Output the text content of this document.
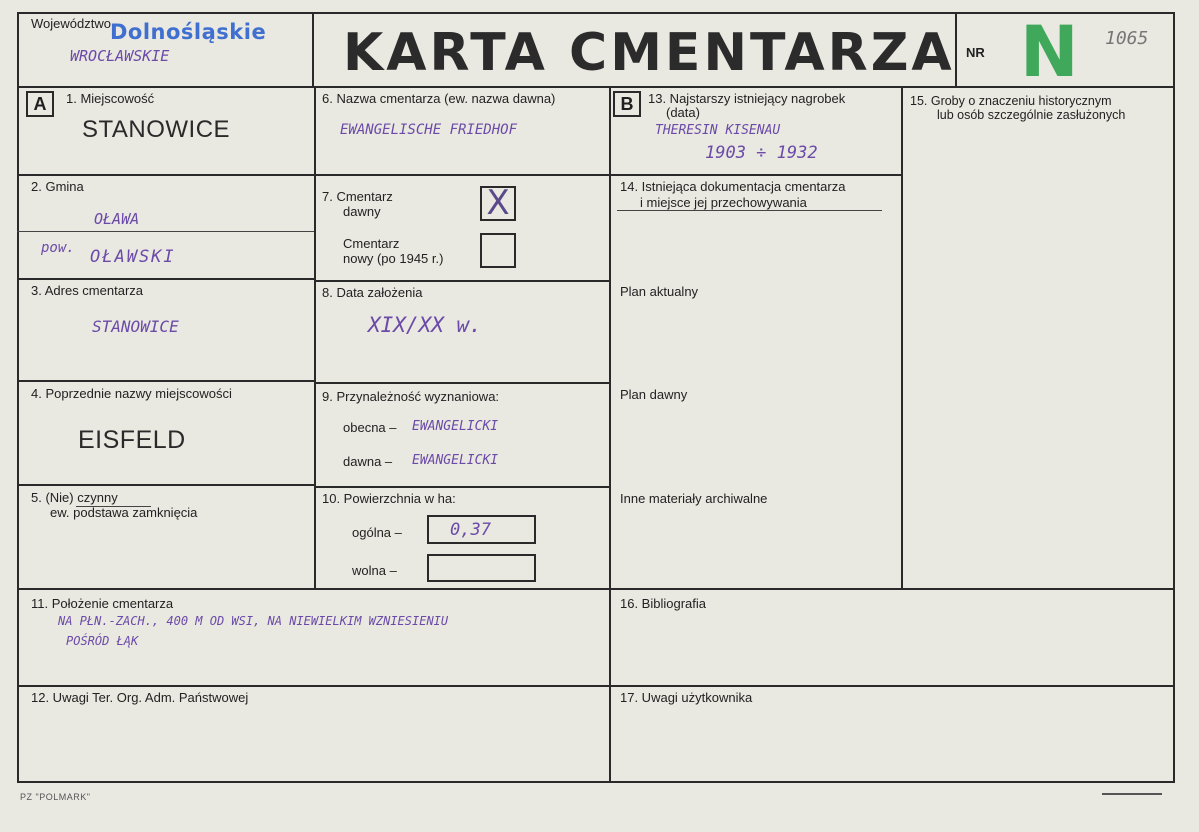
Województwo Dolnośląskie
WROCŁAWSKIE	KARTA CMENTARZA NR N 1065
A	1. Miejscowość
STANOWICE
2. Gmina
OŁAWA
pow. OŁAWSKI
3. Adres cmentarza
STANOWICE
4. Poprzednie nazwy miejscowości
EISFELD
5. (Nie) czynny
ew. podstawa zamknięcia
6. Nazwa cmentarza (ew. nazwa dawna)
EWANGELISCHE FRIEDHOF
7. Cmentarz
dawny	X
Cmentarz
nowy (po 1945 r.)
8. Data założenia
XIX/XX w.
9. Przynależność wyznaniowa:
obecna – EWANGELICKI
dawna – EWANGELICKI
10. Powierzchnia w ha:
ogólna –	0,37
wolna –
B	13. Najstarszy istniejący nagrobek
(data)
THERESIN KISENAU
1903 ÷ 1932
14. Istniejąca dokumentacja cmentarza
i miejsce jej przechowywania
Plan aktualny
Plan dawny
Inne materiały archiwalne
15. Groby o znaczeniu historycznym
lub osób szczególnie zasłużonych
11. Położenie cmentarza
NA PŁN.-ZACH., 400 M OD WSI, NA NIEWIELKIM WZNIESIENIU
POŚRÓD ŁĄK
16. Bibliografia
12. Uwagi Ter. Org. Adm. Państwowej	17. Uwagi użytkownika
PZ "POLMARK"
